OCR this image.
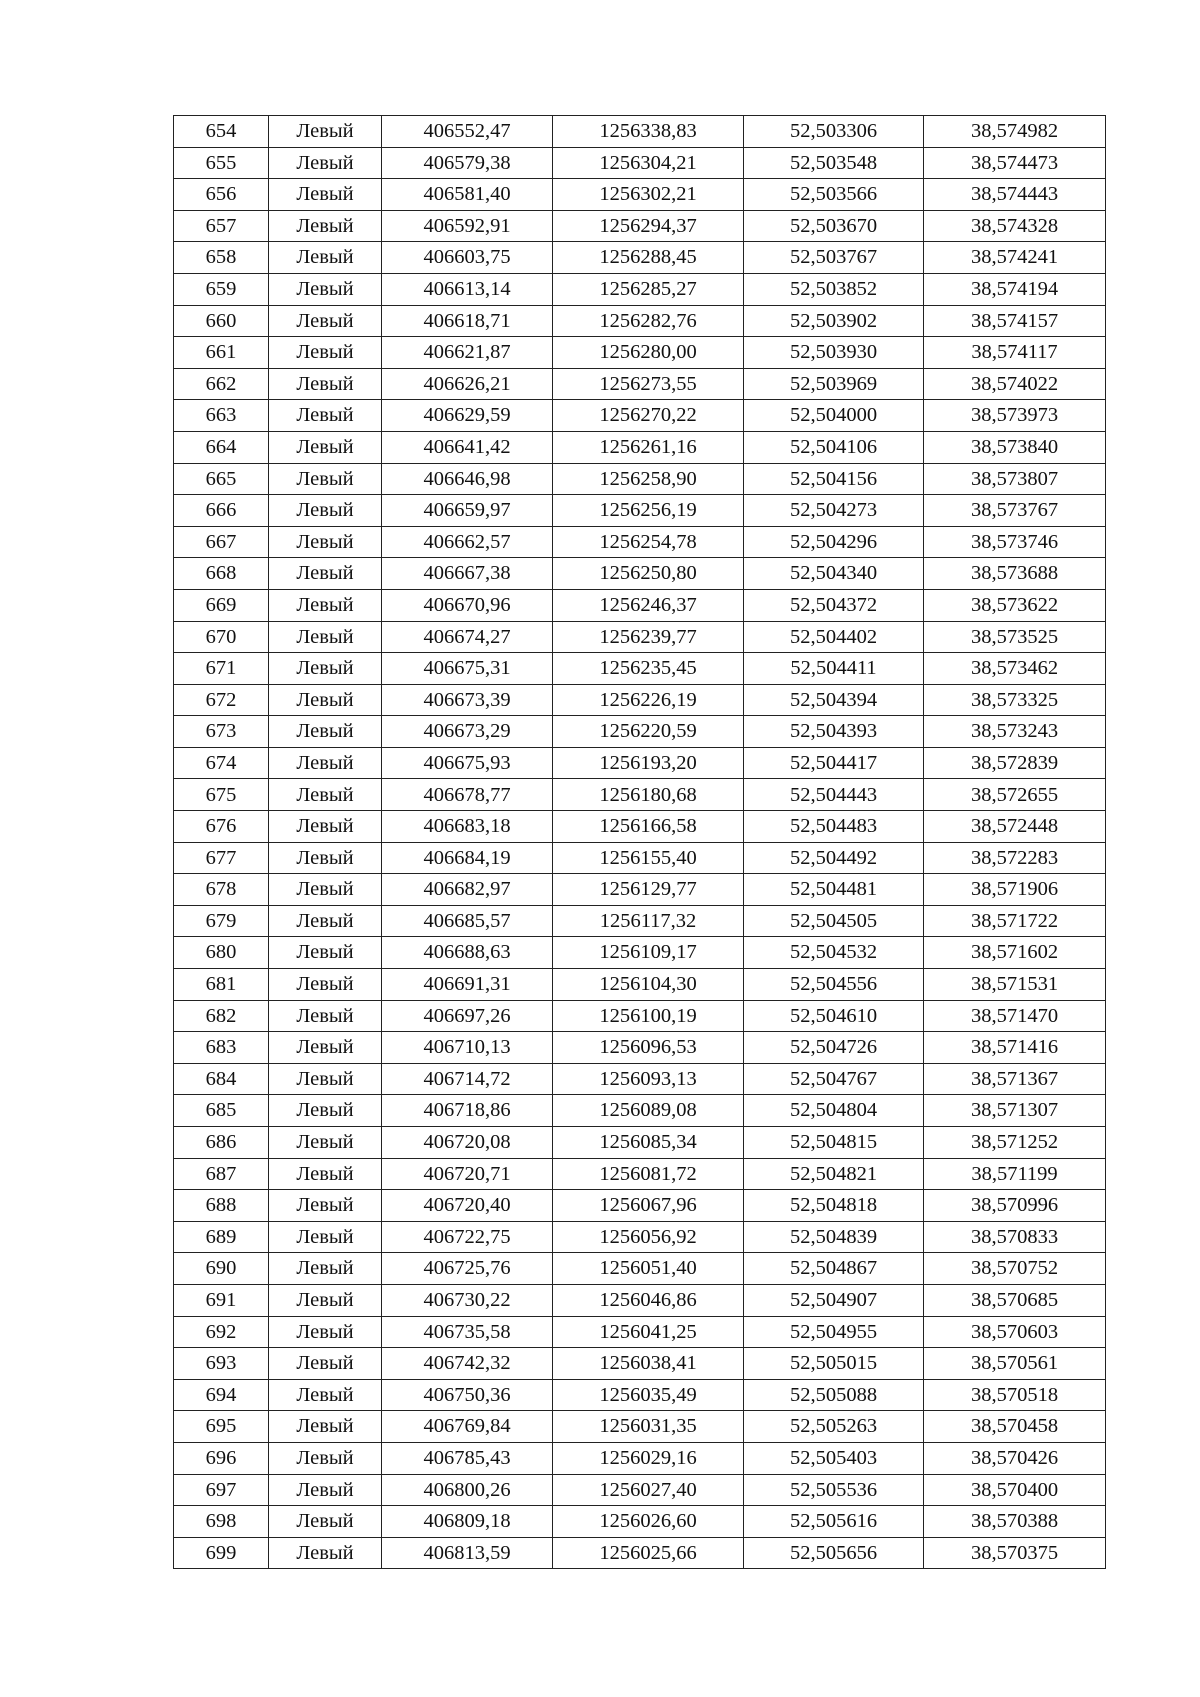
654	Левый	406552,47	1256338,83	52,503306	38,574982
655	Левый	406579,38	1256304,21	52,503548	38,574473
656	Левый	406581,40	1256302,21	52,503566	38,574443
657	Левый	406592,91	1256294,37	52,503670	38,574328
658	Левый	406603,75	1256288,45	52,503767	38,574241
659	Левый	406613,14	1256285,27	52,503852	38,574194
660	Левый	406618,71	1256282,76	52,503902	38,574157
661	Левый	406621,87	1256280,00	52,503930	38,574117
662	Левый	406626,21	1256273,55	52,503969	38,574022
663	Левый	406629,59	1256270,22	52,504000	38,573973
664	Левый	406641,42	1256261,16	52,504106	38,573840
665	Левый	406646,98	1256258,90	52,504156	38,573807
666	Левый	406659,97	1256256,19	52,504273	38,573767
667	Левый	406662,57	1256254,78	52,504296	38,573746
668	Левый	406667,38	1256250,80	52,504340	38,573688
669	Левый	406670,96	1256246,37	52,504372	38,573622
670	Левый	406674,27	1256239,77	52,504402	38,573525
671	Левый	406675,31	1256235,45	52,504411	38,573462
672	Левый	406673,39	1256226,19	52,504394	38,573325
673	Левый	406673,29	1256220,59	52,504393	38,573243
674	Левый	406675,93	1256193,20	52,504417	38,572839
675	Левый	406678,77	1256180,68	52,504443	38,572655
676	Левый	406683,18	1256166,58	52,504483	38,572448
677	Левый	406684,19	1256155,40	52,504492	38,572283
678	Левый	406682,97	1256129,77	52,504481	38,571906
679	Левый	406685,57	1256117,32	52,504505	38,571722
680	Левый	406688,63	1256109,17	52,504532	38,571602
681	Левый	406691,31	1256104,30	52,504556	38,571531
682	Левый	406697,26	1256100,19	52,504610	38,571470
683	Левый	406710,13	1256096,53	52,504726	38,571416
684	Левый	406714,72	1256093,13	52,504767	38,571367
685	Левый	406718,86	1256089,08	52,504804	38,571307
686	Левый	406720,08	1256085,34	52,504815	38,571252
687	Левый	406720,71	1256081,72	52,504821	38,571199
688	Левый	406720,40	1256067,96	52,504818	38,570996
689	Левый	406722,75	1256056,92	52,504839	38,570833
690	Левый	406725,76	1256051,40	52,504867	38,570752
691	Левый	406730,22	1256046,86	52,504907	38,570685
692	Левый	406735,58	1256041,25	52,504955	38,570603
693	Левый	406742,32	1256038,41	52,505015	38,570561
694	Левый	406750,36	1256035,49	52,505088	38,570518
695	Левый	406769,84	1256031,35	52,505263	38,570458
696	Левый	406785,43	1256029,16	52,505403	38,570426
697	Левый	406800,26	1256027,40	52,505536	38,570400
698	Левый	406809,18	1256026,60	52,505616	38,570388
699	Левый	406813,59	1256025,66	52,505656	38,570375
